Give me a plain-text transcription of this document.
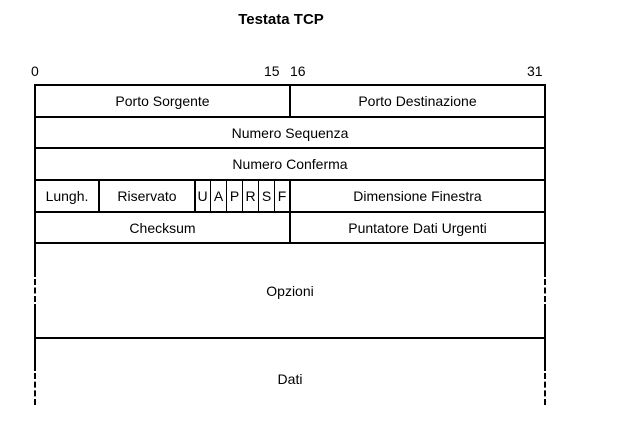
Testata TCP
0	15 16	31
Porto Sorgente	Porto Destinazione
Numero Sequenza
Numero Conferma
Lungh.	Riservato	U A P R S F	Dimensione Finestra
Checksum	Puntatore Dati Urgenti
Opzioni
Dati
